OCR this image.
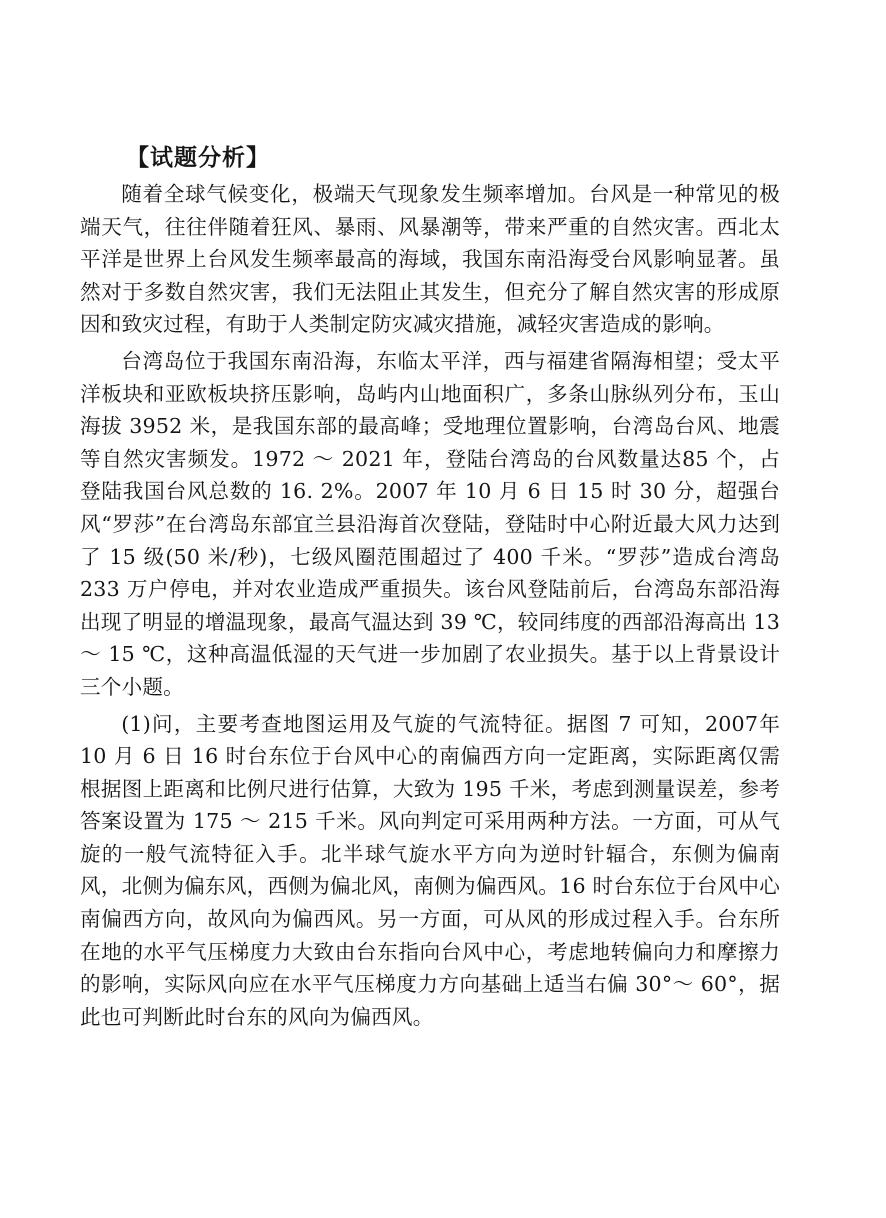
【试题分析】

随着全球气候变化，极端天气现象发生频率增加。台风是一种常见的极端天气，往往伴随着狂风、暴雨、风暴潮等，带来严重的自然灾害。西北太平洋是世界上台风发生频率最高的海域，我国东南沿海受台风影响显著。虽然对于多数自然灾害，我们无法阻止其发生，但充分了解自然灾害的形成原因和致灾过程，有助于人类制定防灾减灾措施，减轻灾害造成的影响。

台湾岛位于我国东南沿海，东临太平洋，西与福建省隔海相望；受太平洋板块和亚欧板块挤压影响，岛屿内山地面积广，多条山脉纵列分布，玉山海拔 3952 米，是我国东部的最高峰；受地理位置影响，台湾岛台风、地震等自然灾害频发。1972 ～ 2021 年，登陆台湾岛的台风数量达85 个，占登陆我国台风总数的 16. 2%。2007 年 10 月 6 日 15 时 30 分，超强台风“罗莎”在台湾岛东部宜兰县沿海首次登陆，登陆时中心附近最大风力达到了 15 级(50 米/秒)，七级风圈范围超过了 400 千米。“罗莎”造成台湾岛 233 万户停电，并对农业造成严重损失。该台风登陆前后，台湾岛东部沿海出现了明显的增温现象，最高气温达到 39 ℃，较同纬度的西部沿海高出 13 ～ 15 ℃，这种高温低湿的天气进一步加剧了农业损失。基于以上背景设计三个小题。

(1)问，主要考查地图运用及气旋的气流特征。据图 7 可知，2007年 10 月 6 日 16 时台东位于台风中心的南偏西方向一定距离，实际距离仅需根据图上距离和比例尺进行估算，大致为 195 千米，考虑到测量误差，参考答案设置为 175 ～ 215 千米。风向判定可采用两种方法。一方面，可从气旋的一般气流特征入手。北半球气旋水平方向为逆时针辐合，东侧为偏南风，北侧为偏东风，西侧为偏北风，南侧为偏西风。16 时台东位于台风中心南偏西方向，故风向为偏西风。另一方面，可从风的形成过程入手。台东所在地的水平气压梯度力大致由台东指向台风中心，考虑地转偏向力和摩擦力的影响，实际风向应在水平气压梯度力方向基础上适当右偏 30°～ 60°，据此也可判断此时台东的风向为偏西风。
